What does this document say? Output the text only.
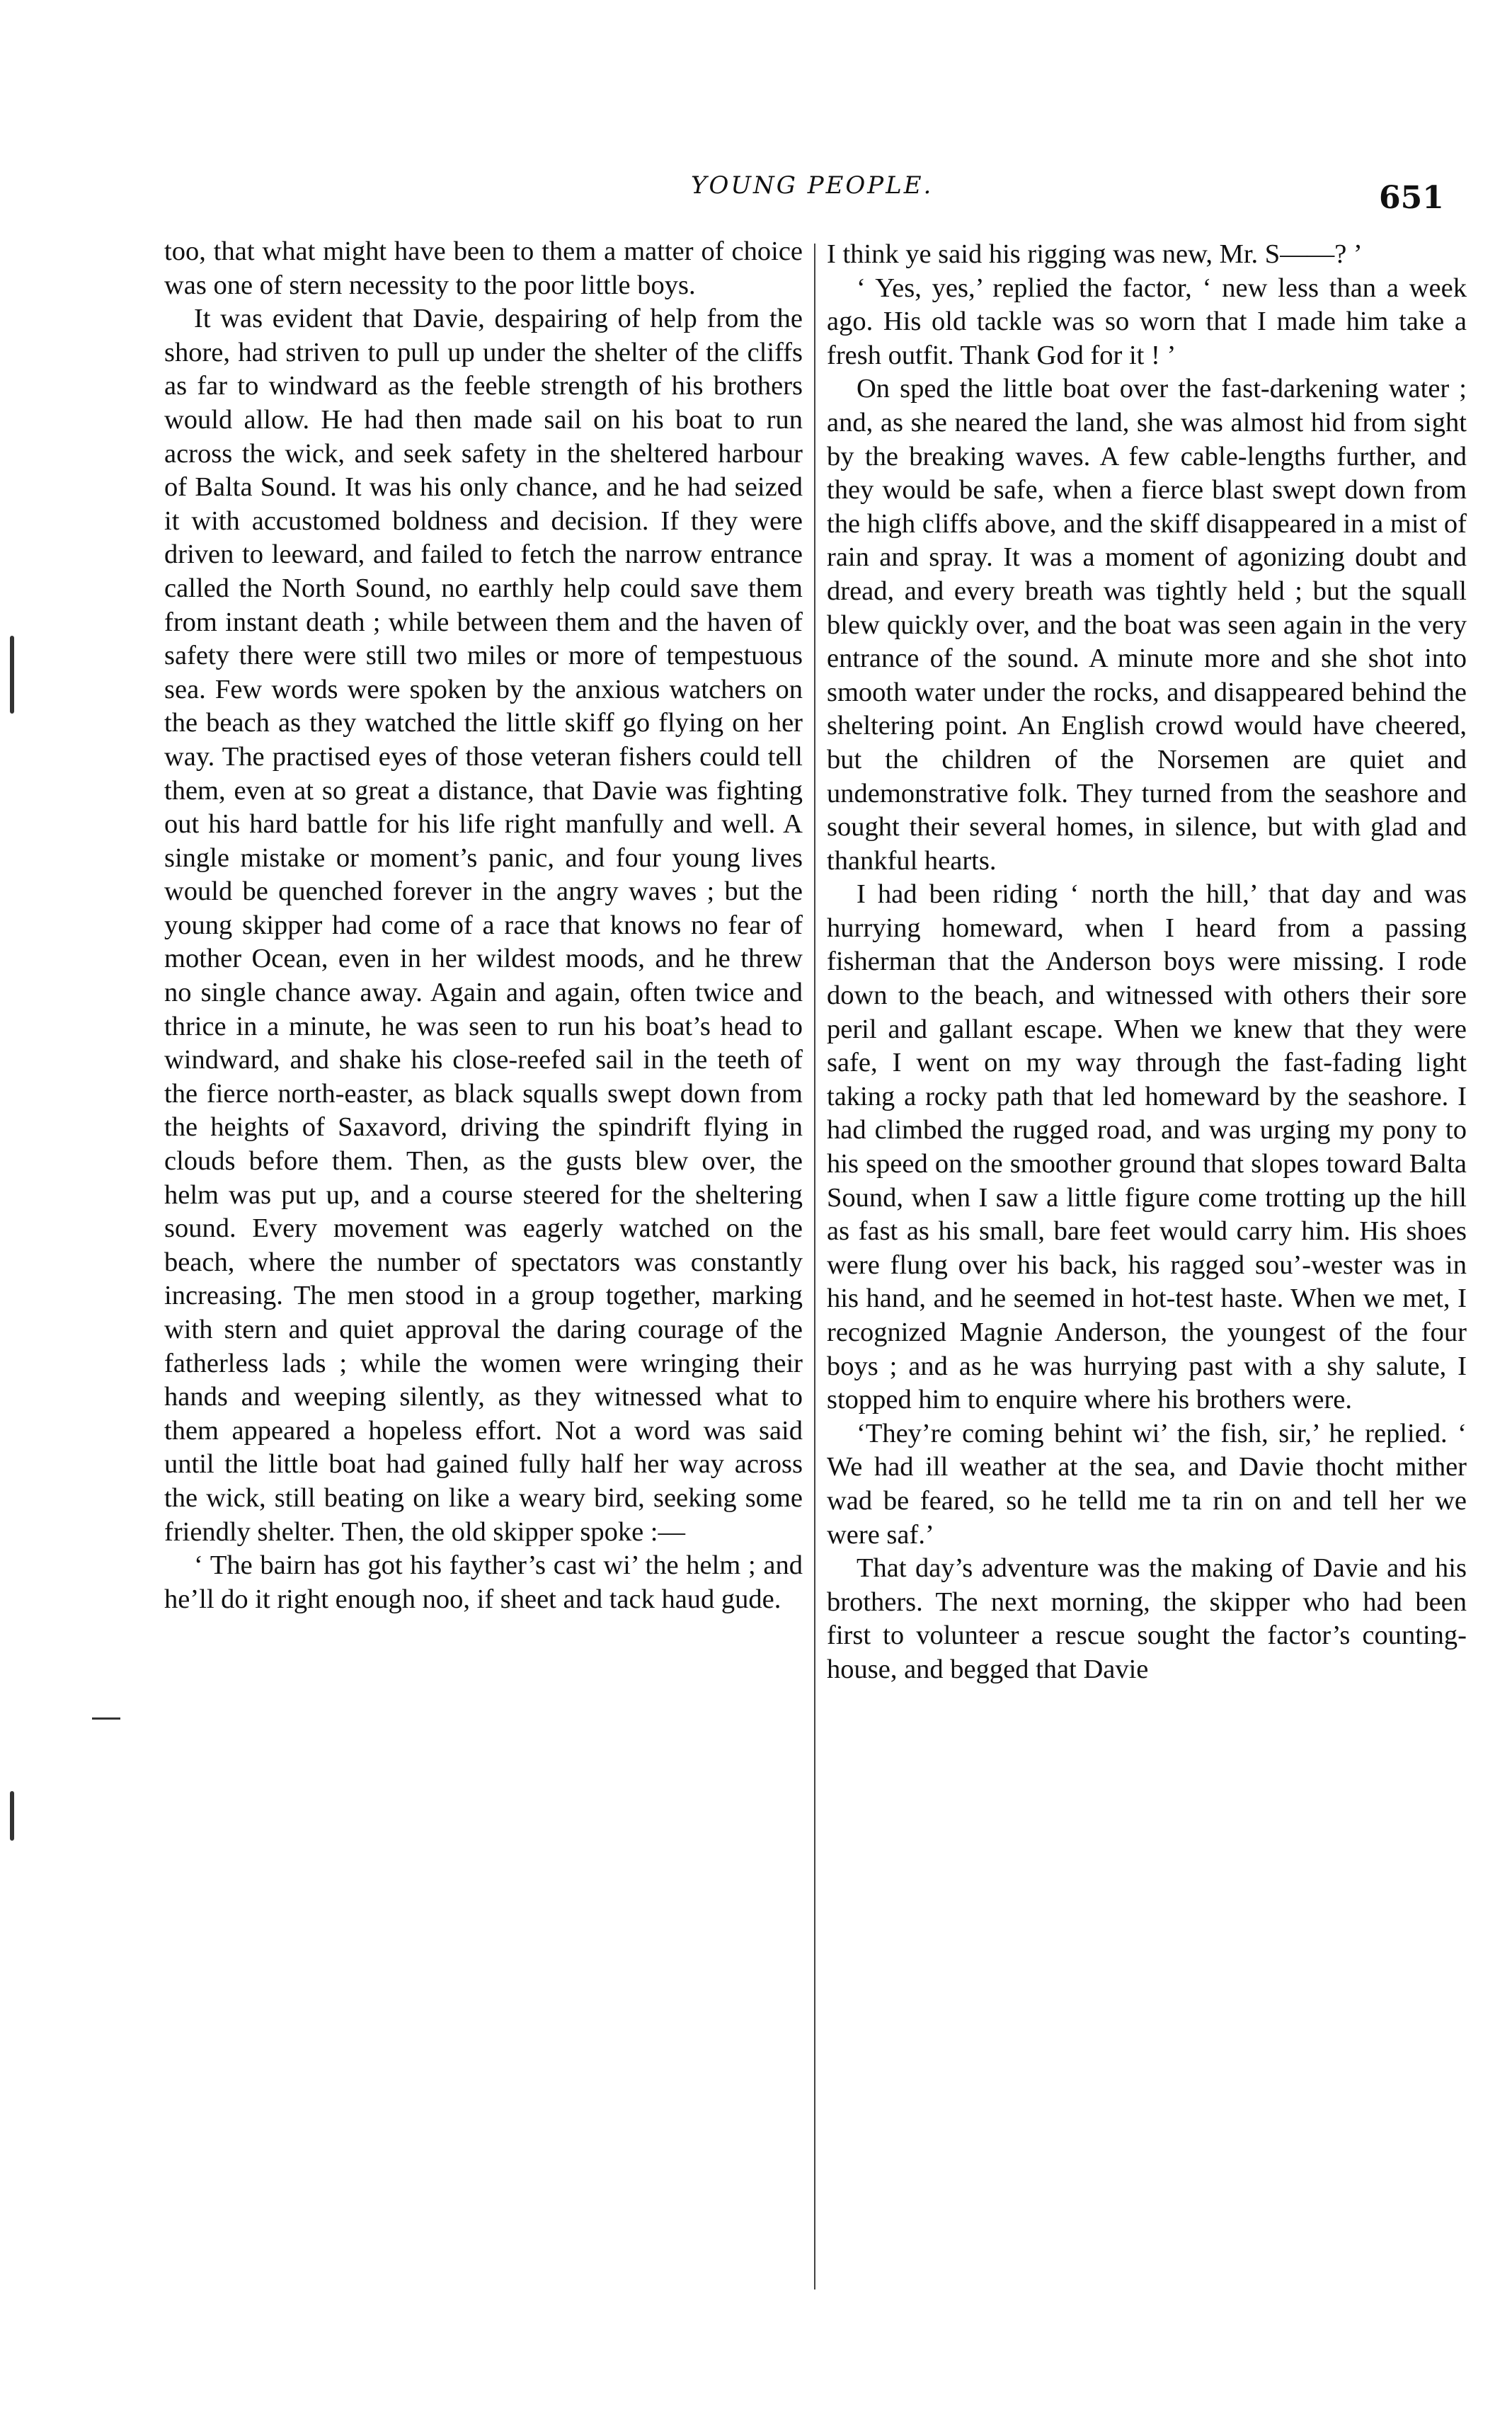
YOUNG PEOPLE.	651

too, that what might have been to them a matter of choice was one of stern necessity to the poor little boys.

It was evident that Davie, despairing of help from the shore, had striven to pull up under the shelter of the cliffs as far to windward as the feeble strength of his brothers would allow. He had then made sail on his boat to run across the wick, and seek safety in the sheltered harbour of Balta Sound. It was his only chance, and he had seized it with accustomed boldness and decision. If they were driven to leeward, and failed to fetch the narrow entrance called the North Sound, no earthly help could save them from instant death ; while between them and the haven of safety there were still two miles or more of tempestuous sea. Few words were spoken by the anxious watchers on the beach as they watched the little skiff go flying on her way. The practised eyes of those veteran fishers could tell them, even at so great a distance, that Davie was fighting out his hard battle for his life right manfully and well. A single mistake or moment’s panic, and four young lives would be quenched forever in the angry waves ; but the young skipper had come of a race that knows no fear of mother Ocean, even in her wildest moods, and he threw no single chance away. Again and again, often twice and thrice in a minute, he was seen to run his boat’s head to windward, and shake his close-reefed sail in the teeth of the fierce north-easter, as black squalls swept down from the heights of Saxavord, driving the spindrift flying in clouds before them. Then, as the gusts blew over, the helm was put up, and a course steered for the sheltering sound. Every movement was eagerly watched on the beach, where the number of spectators was constantly increasing. The men stood in a group together, marking with stern and quiet approval the daring courage of the fatherless lads ; while the women were wringing their hands and weeping silently, as they witnessed what to them appeared a hopeless effort. Not a word was said until the little boat had gained fully half her way across the wick, still beating on like a weary bird, seeking some friendly shelter. Then, the old skipper spoke :—

‘ The bairn has got his fayther’s cast wi’ the helm ; and he’ll do it right enough noo, if sheet and tack haud gude.

I think ye said his rigging was new, Mr. S——? ’

‘ Yes, yes,’ replied the factor, ‘ new less than a week ago. His old tackle was so worn that I made him take a fresh outfit. Thank God for it ! ’

On sped the little boat over the fast-darkening water ; and, as she neared the land, she was almost hid from sight by the breaking waves. A few cable-lengths further, and they would be safe, when a fierce blast swept down from the high cliffs above, and the skiff disappeared in a mist of rain and spray. It was a moment of agonizing doubt and dread, and every breath was tightly held ; but the squall blew quickly over, and the boat was seen again in the very entrance of the sound. A minute more and she shot into smooth water under the rocks, and disappeared behind the sheltering point. An English crowd would have cheered, but the children of the Norsemen are quiet and undemonstrative folk. They turned from the seashore and sought their several homes, in silence, but with glad and thankful hearts.

I had been riding ‘ north the hill,’ that day and was hurrying homeward, when I heard from a passing fisherman that the Anderson boys were missing. I rode down to the beach, and witnessed with others their sore peril and gallant escape. When we knew that they were safe, I went on my way through the fast-fading light taking a rocky path that led homeward by the seashore. I had climbed the rugged road, and was urging my pony to his speed on the smoother ground that slopes toward Balta Sound, when I saw a little figure come trotting up the hill as fast as his small, bare feet would carry him. His shoes were flung over his back, his ragged sou’-wester was in his hand, and he seemed in hot-test haste. When we met, I recognized Magnie Anderson, the youngest of the four boys ; and as he was hurrying past with a shy salute, I stopped him to enquire where his brothers were.

‘They’re coming behint wi’ the fish, sir,’ he replied. ‘ We had ill weather at the sea, and Davie thocht mither wad be feared, so he telld me ta rin on and tell her we were saf.’

That day’s adventure was the making of Davie and his brothers. The next morning, the skipper who had been first to volunteer a rescue sought the factor’s counting-house, and begged that Davie
